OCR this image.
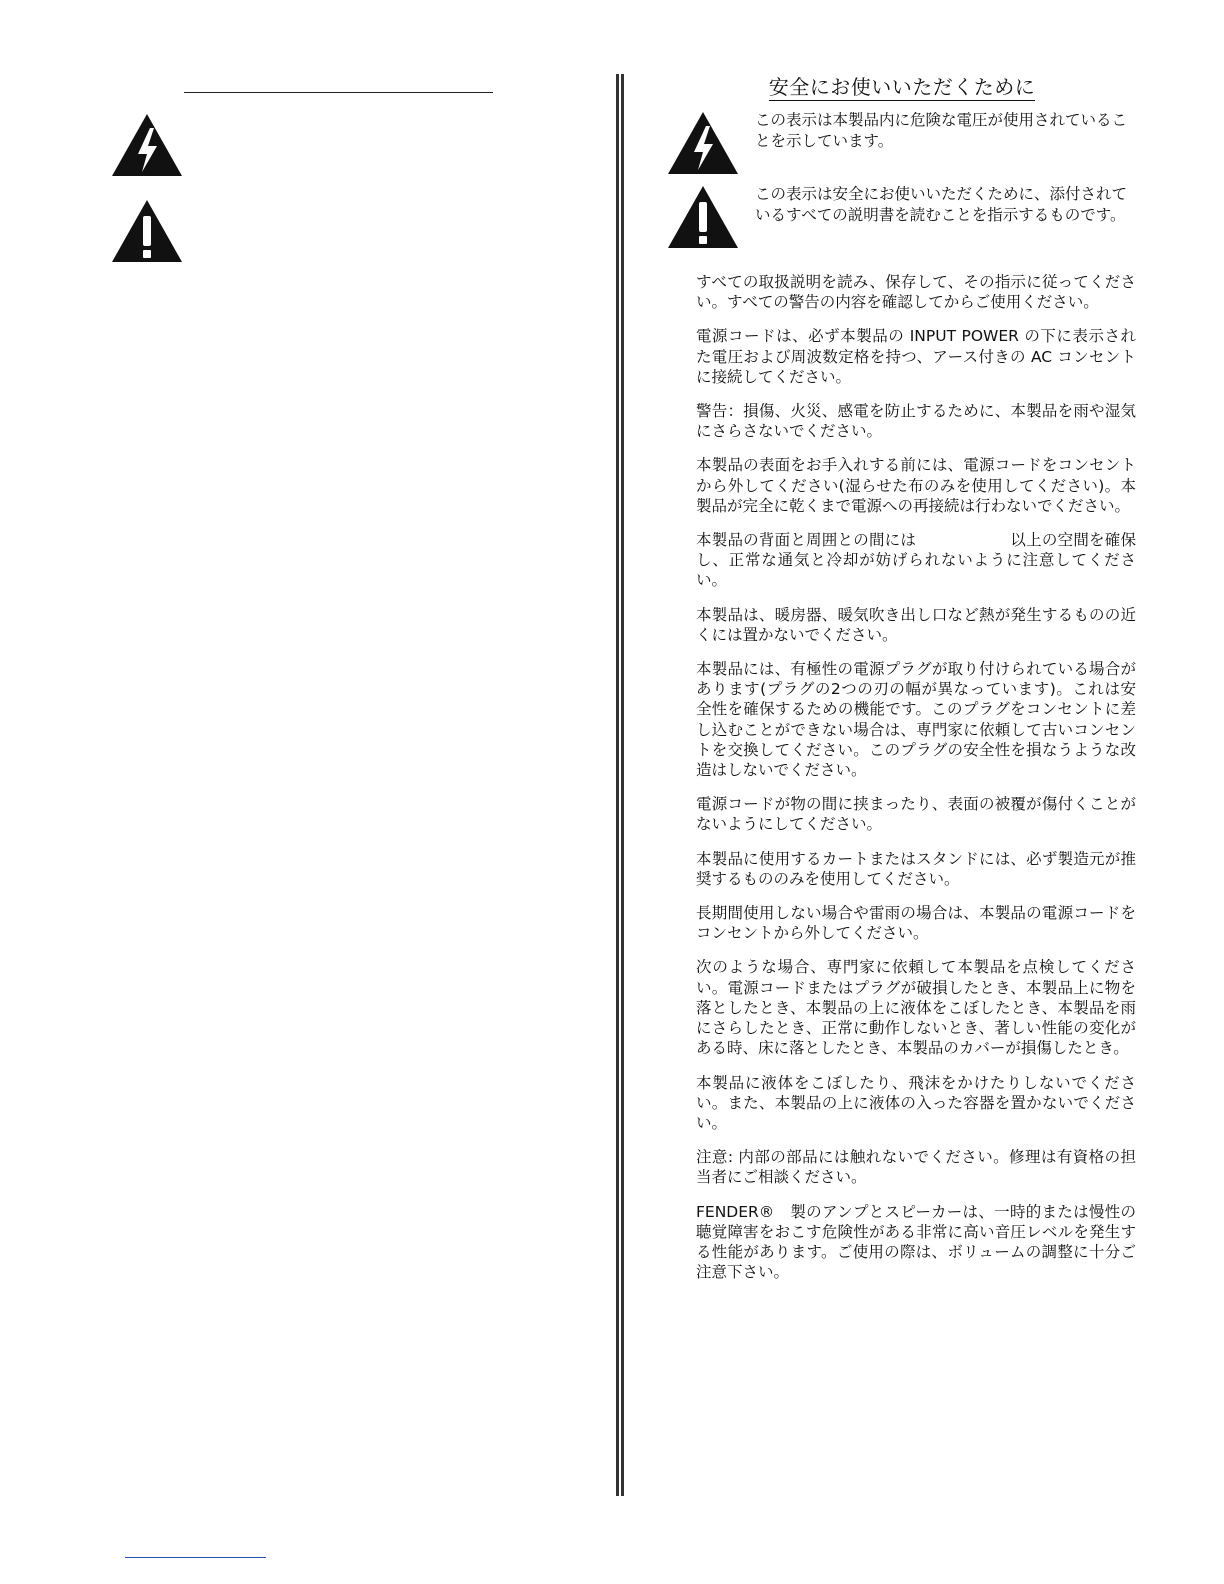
安全にお使いいただくために
この表示は本製品内に危険な電圧が使用されていることを示しています。
この表示は安全にお使いいただくために、添付されているすべての説明書を読むことを指示するものです。

すべての取扱説明を読み、保存して、その指示に従ってください。すべての警告の内容を確認してからご使用ください。

電源コードは、必ず本製品の INPUT POWER の下に表示された電圧および周波数定格を持つ、アース付きの AC コンセントに接続してください。

警告：損傷、火災、感電を防止するために、本製品を雨や湿気にさらさないでください。

本製品の表面をお手入れする前には、電源コードをコンセントから外してください(湿らせた布のみを使用してください)。本製品が完全に乾くまで電源への再接続は行わないでください。

本製品の背面と周囲との間には　　　　　　以上の空間を確保し、正常な通気と冷却が妨げられないように注意してください。

本製品は、暖房器、暖気吹き出し口など熱が発生するものの近くには置かないでください。

本製品には、有極性の電源プラグが取り付けられている場合があります(プラグの2つの刃の幅が異なっています)。これは安全性を確保するための機能です。このプラグをコンセントに差し込むことができない場合は、専門家に依頼して古いコンセントを交換してください。このプラグの安全性を損なうような改造はしないでください。

電源コードが物の間に挟まったり、表面の被覆が傷付くことがないようにしてください。

本製品に使用するカートまたはスタンドには、必ず製造元が推奨するもののみを使用してください。

長期間使用しない場合や雷雨の場合は、本製品の電源コードをコンセントから外してください。

次のような場合、専門家に依頼して本製品を点検してください。電源コードまたはプラグが破損したとき、本製品上に物を落としたとき、本製品の上に液体をこぼしたとき、本製品を雨にさらしたとき、正常に動作しないとき、著しい性能の変化がある時、床に落としたとき、本製品のカバーが損傷したとき。

本製品に液体をこぼしたり、飛沫をかけたりしないでください。また、本製品の上に液体の入った容器を置かないでください。

注意: 内部の部品には触れないでください。修理は有資格の担当者にご相談ください。

FENDER®　製のアンプとスピーカーは、一時的または慢性の聴覚障害をおこす危険性がある非常に高い音圧レベルを発生する性能があります。ご使用の際は、ボリュームの調整に十分ご注意下さい。
